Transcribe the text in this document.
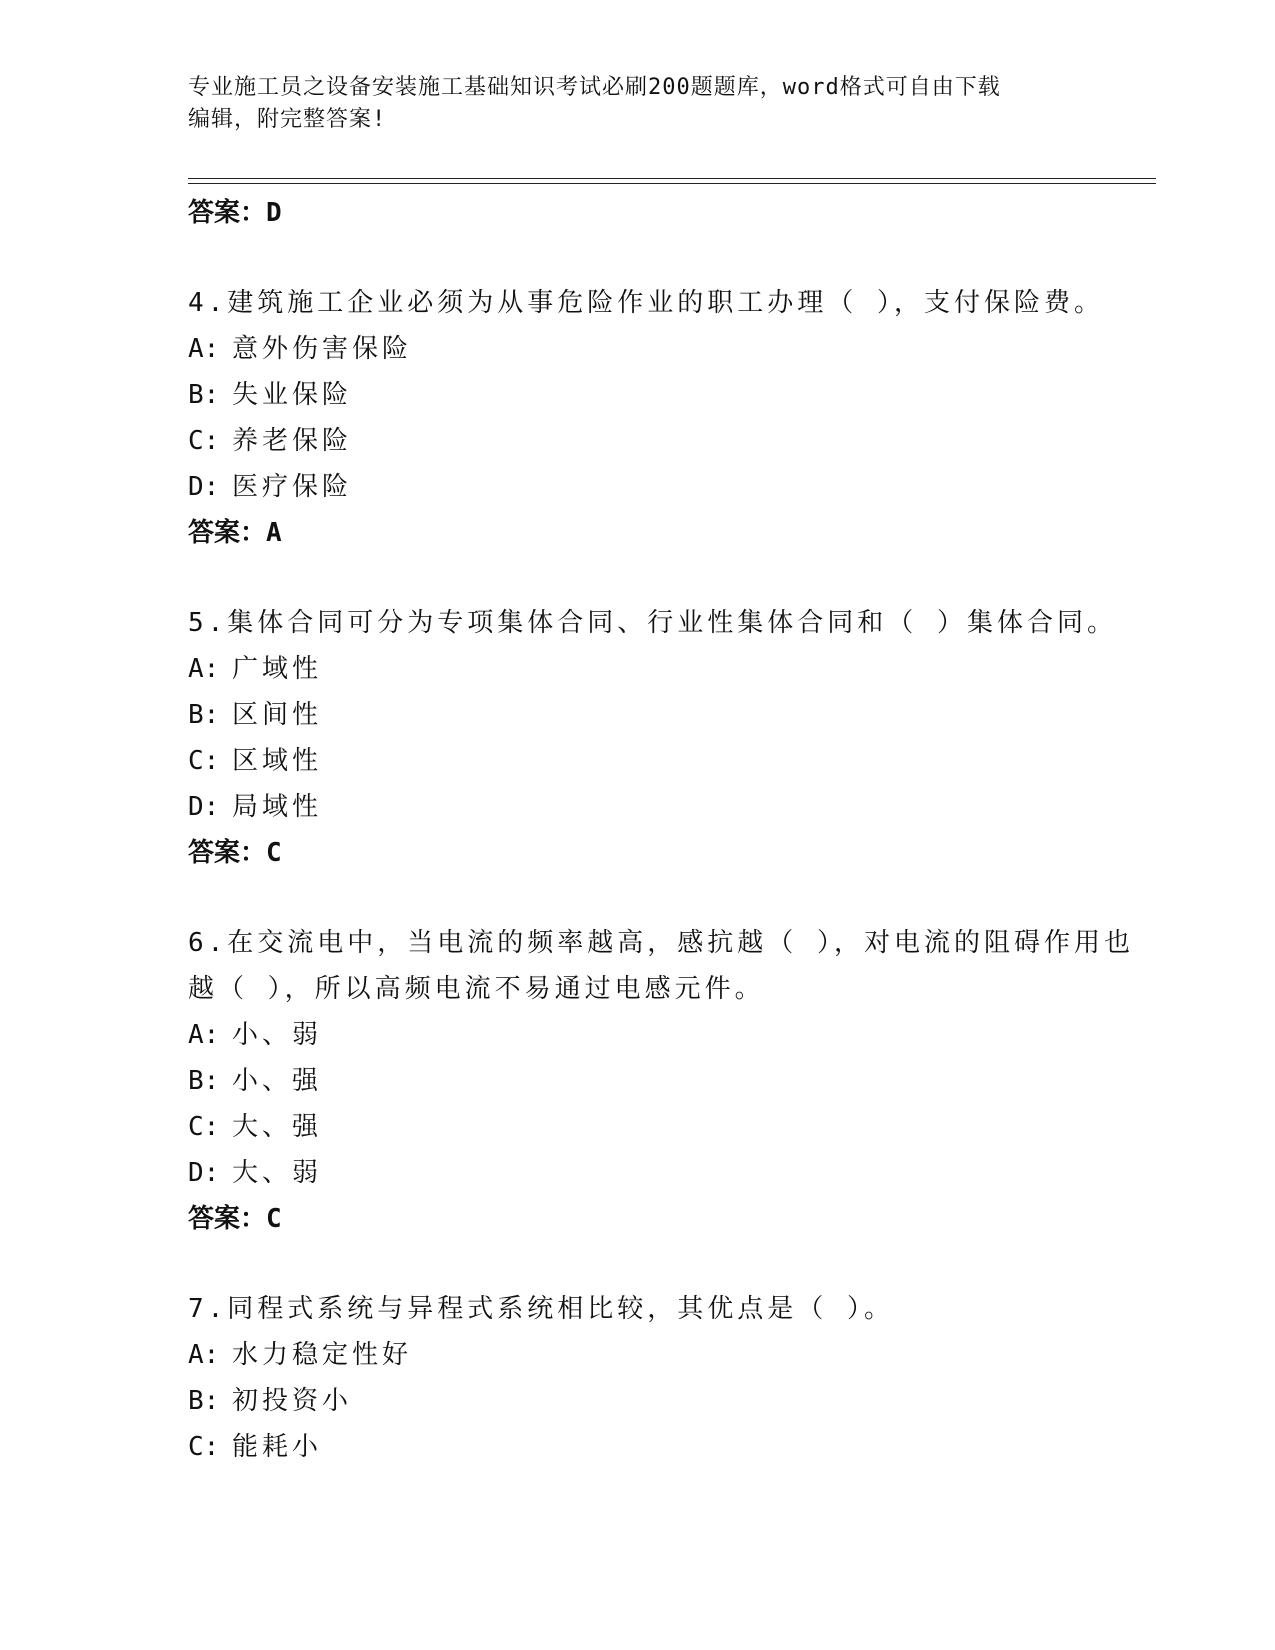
专业施工员之设备安装施工基础知识考试必刷200题题库，word格式可自由下载
编辑，附完整答案!
答案：D
4.建筑施工企业必须为从事危险作业的职工办理（ ），支付保险费。
A: 意外伤害保险
B: 失业保险
C: 养老保险
D: 医疗保险
答案：A
5.集体合同可分为专项集体合同、行业性集体合同和（ ）集体合同。
A: 广域性
B: 区间性
C: 区域性
D: 局域性
答案：C
6.在交流电中，当电流的频率越高，感抗越（ ），对电流的阻碍作用也越（ ），所以高频电流不易通过电感元件。
A: 小、弱
B: 小、强
C: 大、强
D: 大、弱
答案：C
7.同程式系统与异程式系统相比较，其优点是（ ）。
A: 水力稳定性好
B: 初投资小
C: 能耗小
